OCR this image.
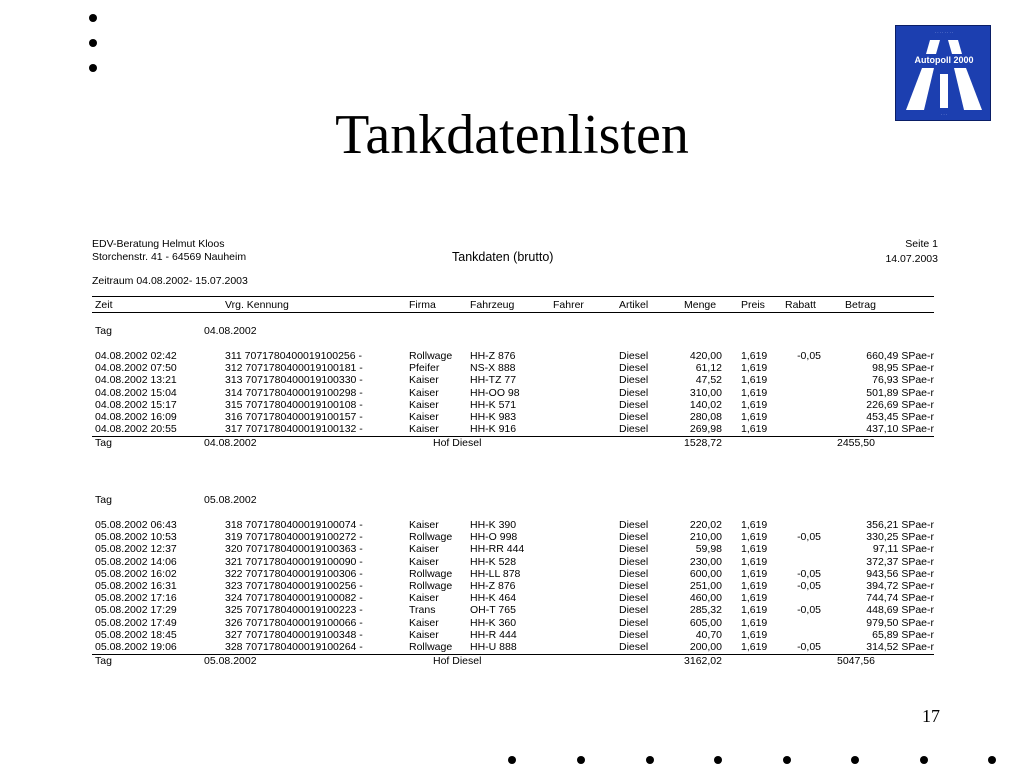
· · · · · · · ·
Autopoll 2000
· · ·
Tankdatenlisten
EDV-Beratung Helmut Kloos
Storchenstr. 41 - 64569 Nauheim	Tankdaten (brutto)
Seite 1
14.07.2003
Zeitraum 04.08.2002- 15.07.2003
Zeit	Vrg. Kennung	Firma	Fahrzeug	Fahrer	Artikel	Menge Preis Rabatt	Betrag
Tag	04.08.2002
04.08.2002 02:42	311 7071780400019100256 -	Rollwage HH-Z 876	Diesel	420,00 1,619	-0,05	660,49 SPae-r
04.08.2002 07:50	312 7071780400019100181 -	Pfeifer	NS-X 888	Diesel	61,12 1,619	98,95 SPae-r
04.08.2002 13:21	313 7071780400019100330 -	Kaiser	HH-TZ 77	Diesel	47,52 1,619	76,93 SPae-r
04.08.2002 15:04	314 7071780400019100298 -	Kaiser	HH-OO 98	Diesel	310,00 1,619	501,89 SPae-r
04.08.2002 15:17	315 7071780400019100108 -	Kaiser	HH-K 571	Diesel	140,02 1,619	226,69 SPae-r
04.08.2002 16:09	316 7071780400019100157 -	Kaiser	HH-K 983	Diesel	280,08 1,619	453,45 SPae-r
04.08.2002 20:55	317 7071780400019100132 -	Kaiser	HH-K 916	Diesel	269,98 1,619	437,10 SPae-r
Tag	04.08.2002	Hof Diesel	1528,72	2455,50
Tag	05.08.2002
05.08.2002 06:43	318 7071780400019100074 -	Kaiser	HH-K 390	Diesel	220,02 1,619	356,21 SPae-r
05.08.2002 10:53	319 7071780400019100272 -	Rollwage HH-O 998	Diesel	210,00 1,619	-0,05	330,25 SPae-r
05.08.2002 12:37	320 7071780400019100363 -	Kaiser	HH-RR 444	Diesel	59,98 1,619	97,11 SPae-r
05.08.2002 14:06	321 7071780400019100090 -	Kaiser	HH-K 528	Diesel	230,00 1,619	372,37 SPae-r
05.08.2002 16:02	322 7071780400019100306 -	Rollwage HH-LL 878	Diesel	600,00 1,619	-0,05	943,56 SPae-r
05.08.2002 16:31	323 7071780400019100256 -	Rollwage HH-Z 876	Diesel	251,00 1,619	-0,05	394,72 SPae-r
05.08.2002 17:16	324 7071780400019100082 -	Kaiser	HH-K 464	Diesel	460,00 1,619	744,74 SPae-r
05.08.2002 17:29	325 7071780400019100223 -	Trans	OH-T 765	Diesel	285,32 1,619	-0,05	448,69 SPae-r
05.08.2002 17:49	326 7071780400019100066 -	Kaiser	HH-K 360	Diesel	605,00 1,619	979,50 SPae-r
05.08.2002 18:45	327 7071780400019100348 -	Kaiser	HH-R 444	Diesel	40,70 1,619	65,89 SPae-r
05.08.2002 19:06	328 7071780400019100264 -	Rollwage HH-U 888	Diesel	200,00 1,619	-0,05	314,52 SPae-r
Tag	05.08.2002	Hof Diesel	3162,02	5047,56
17
